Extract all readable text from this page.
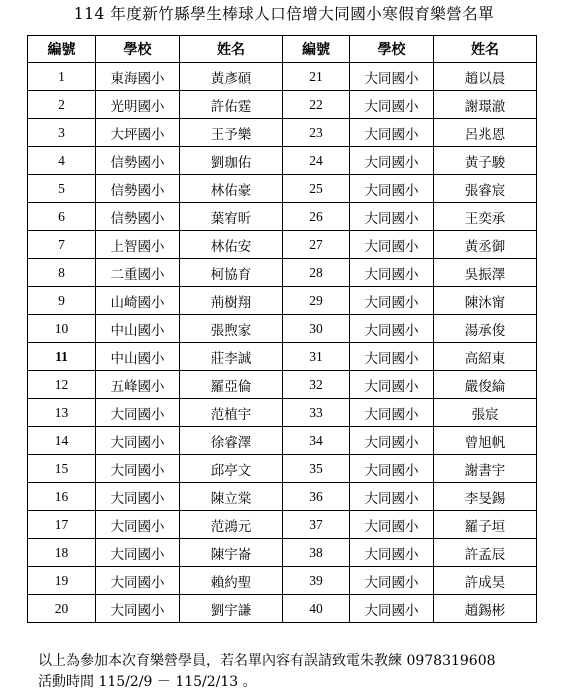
114 年度新竹縣學生棒球人口倍增大同國小寒假育樂營名單
編號	學校	姓名	編號	學校	姓名
1	東海國小	黃彥碩	21	大同國小	趙以晨
2	光明國小	許佑霆	22	大同國小	謝璟澈
3	大坪國小	王予樂	23	大同國小	呂兆恩
4	信勢國小	劉珈佑	24	大同國小	黃子駿
5	信勢國小	林佑豪	25	大同國小	張睿宸
6	信勢國小	葉宥昕	26	大同國小	王奕承
7	上智國小	林佑安	27	大同國小	黃丞御
8	二重國小	柯協育	28	大同國小	吳振澤
9	山崎國小	荊樹翔	29	大同國小	陳沐甯
10	中山國小	張煦家	30	大同國小	湯承俊
11	中山國小	莊李誠	31	大同國小	高紹東
12	五峰國小	羅亞倫	32	大同國小	嚴俊綸
13	大同國小	范植宇	33	大同國小	張宸
14	大同國小	徐睿澤	34	大同國小	曾旭帆
15	大同國小	邱亭文	35	大同國小	謝書宇
16	大同國小	陳立棠	36	大同國小	李旻錫
17	大同國小	范鴻元	37	大同國小	羅子垣
18	大同國小	陳宇崙	38	大同國小	許孟辰
19	大同國小	賴約聖	39	大同國小	許成昊
20	大同國小	劉宇謙	40	大同國小	趙錫彬
以上為參加本次育樂營學員，若名單內容有誤請致電朱教練 0978319608
活動時間 115/2/9 － 115/2/13 。
